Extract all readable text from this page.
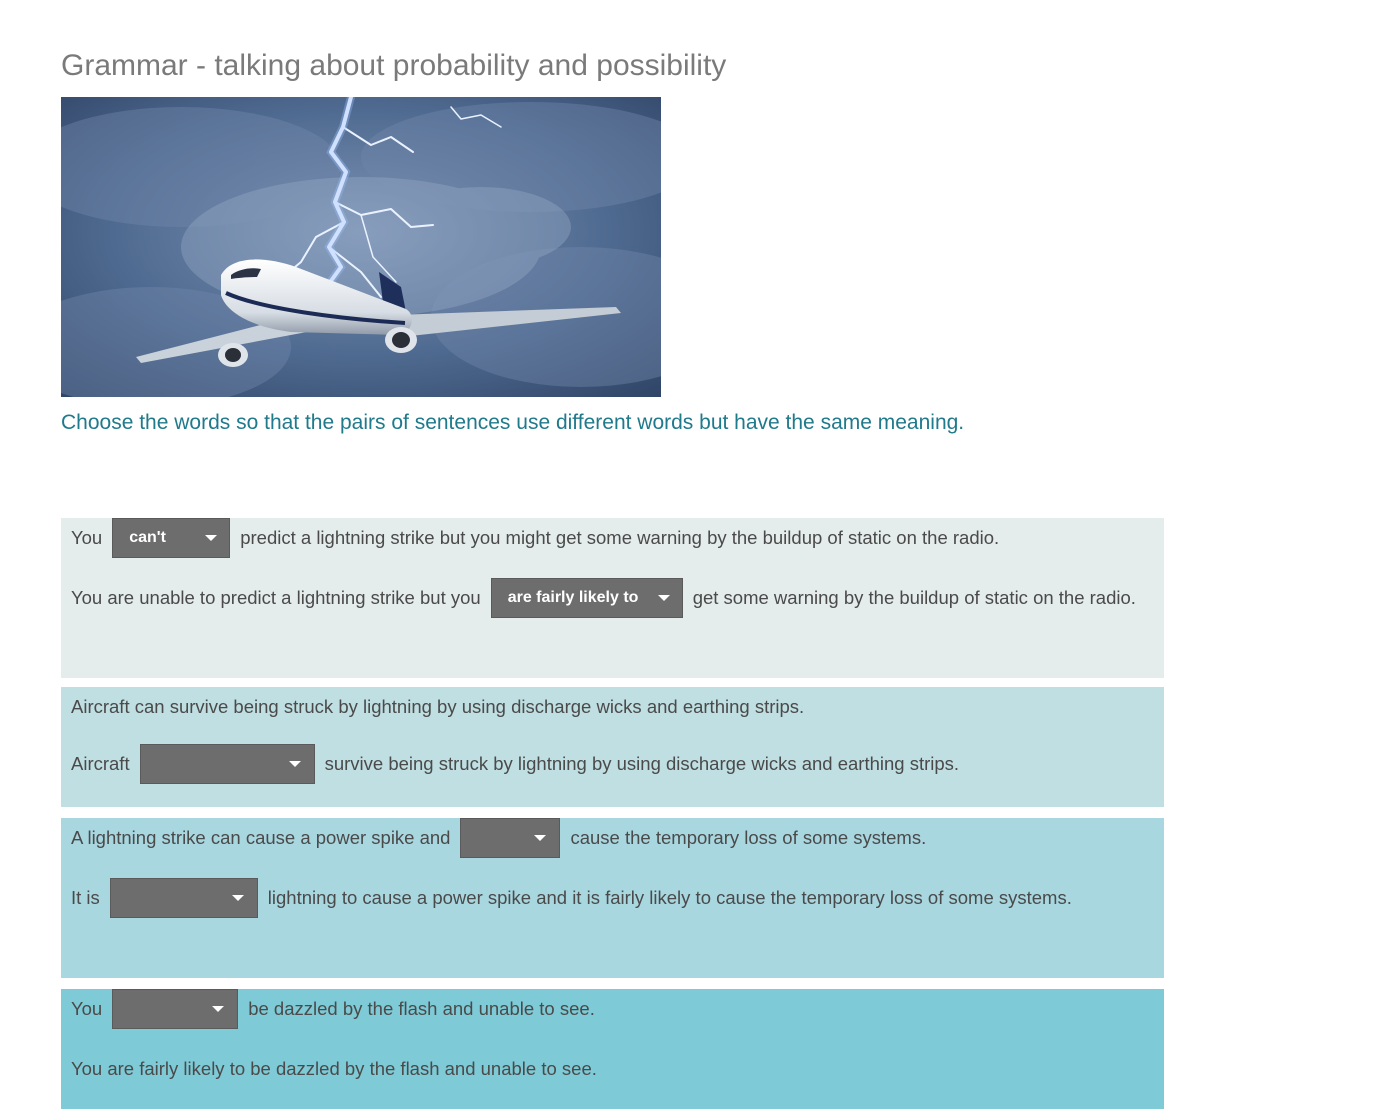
Grammar - talking about probability and possibility

Choose the words so that the pairs of sentences use different words but have the same meaning.

You can't	predict a lightning strike but you might get some warning by the buildup of static on the radio.
You are unable to predict a lightning strike but you are fairly likely to	get some warning by the buildup of static on the radio.
Aircraft can survive being struck by lightning by using discharge wicks and earthing strips.
Aircraft	survive being struck by lightning by using discharge wicks and earthing strips.
A lightning strike can cause a power spike and	cause the temporary loss of some systems.
It is	lightning to cause a power spike and it is fairly likely to cause the temporary loss of some systems.
You	be dazzled by the flash and unable to see.
You are fairly likely to be dazzled by the flash and unable to see.
